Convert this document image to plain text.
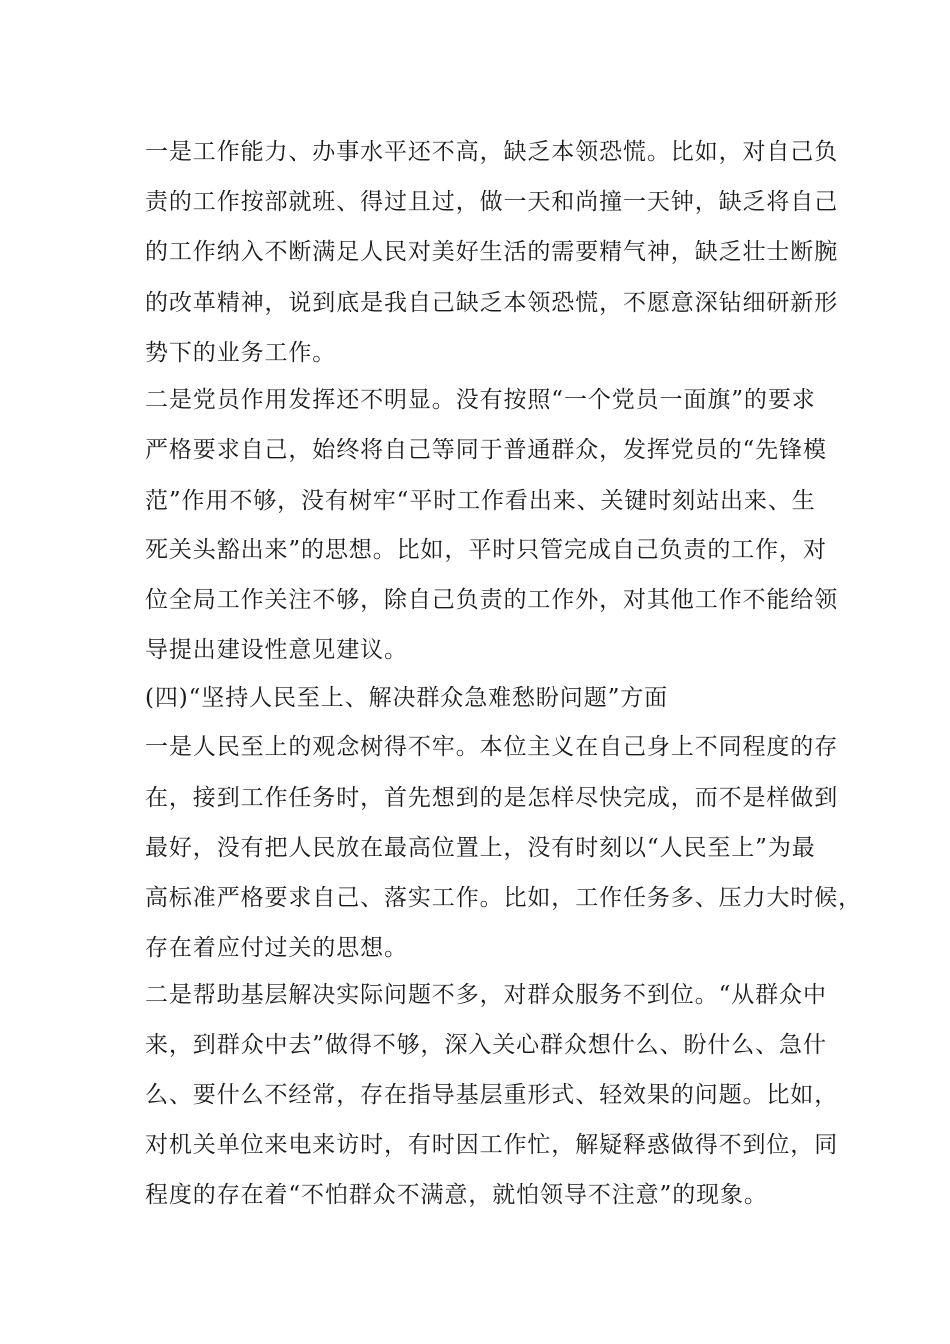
一是工作能力、办事水平还不高，缺乏本领恐慌。比如，对自己负
责的工作按部就班、得过且过，做一天和尚撞一天钟，缺乏将自己
的工作纳入不断满足人民对美好生活的需要精气神，缺乏壮士断腕
的改革精神，说到底是我自己缺乏本领恐慌，不愿意深钻细研新形
势下的业务工作。
二是党员作用发挥还不明显。没有按照“一个党员一面旗”的要求
严格要求自己，始终将自己等同于普通群众，发挥党员的“先锋模
范”作用不够，没有树牢“平时工作看出来、关键时刻站出来、生
死关头豁出来”的思想。比如，平时只管完成自己负责的工作，对
位全局工作关注不够，除自己负责的工作外，对其他工作不能给领
导提出建设性意见建议。
(四)“坚持人民至上、解决群众急难愁盼问题”方面
一是人民至上的观念树得不牢。本位主义在自己身上不同程度的存
在，接到工作任务时，首先想到的是怎样尽快完成，而不是样做到
最好，没有把人民放在最高位置上，没有时刻以“人民至上”为最
高标准严格要求自己、落实工作。比如，工作任务多、压力大时候，
存在着应付过关的思想。
二是帮助基层解决实际问题不多，对群众服务不到位。“从群众中
来，到群众中去”做得不够，深入关心群众想什么、盼什么、急什
么、要什么不经常，存在指导基层重形式、轻效果的问题。比如，
对机关单位来电来访时，有时因工作忙，解疑释惑做得不到位，同
程度的存在着“不怕群众不满意，就怕领导不注意”的现象。
